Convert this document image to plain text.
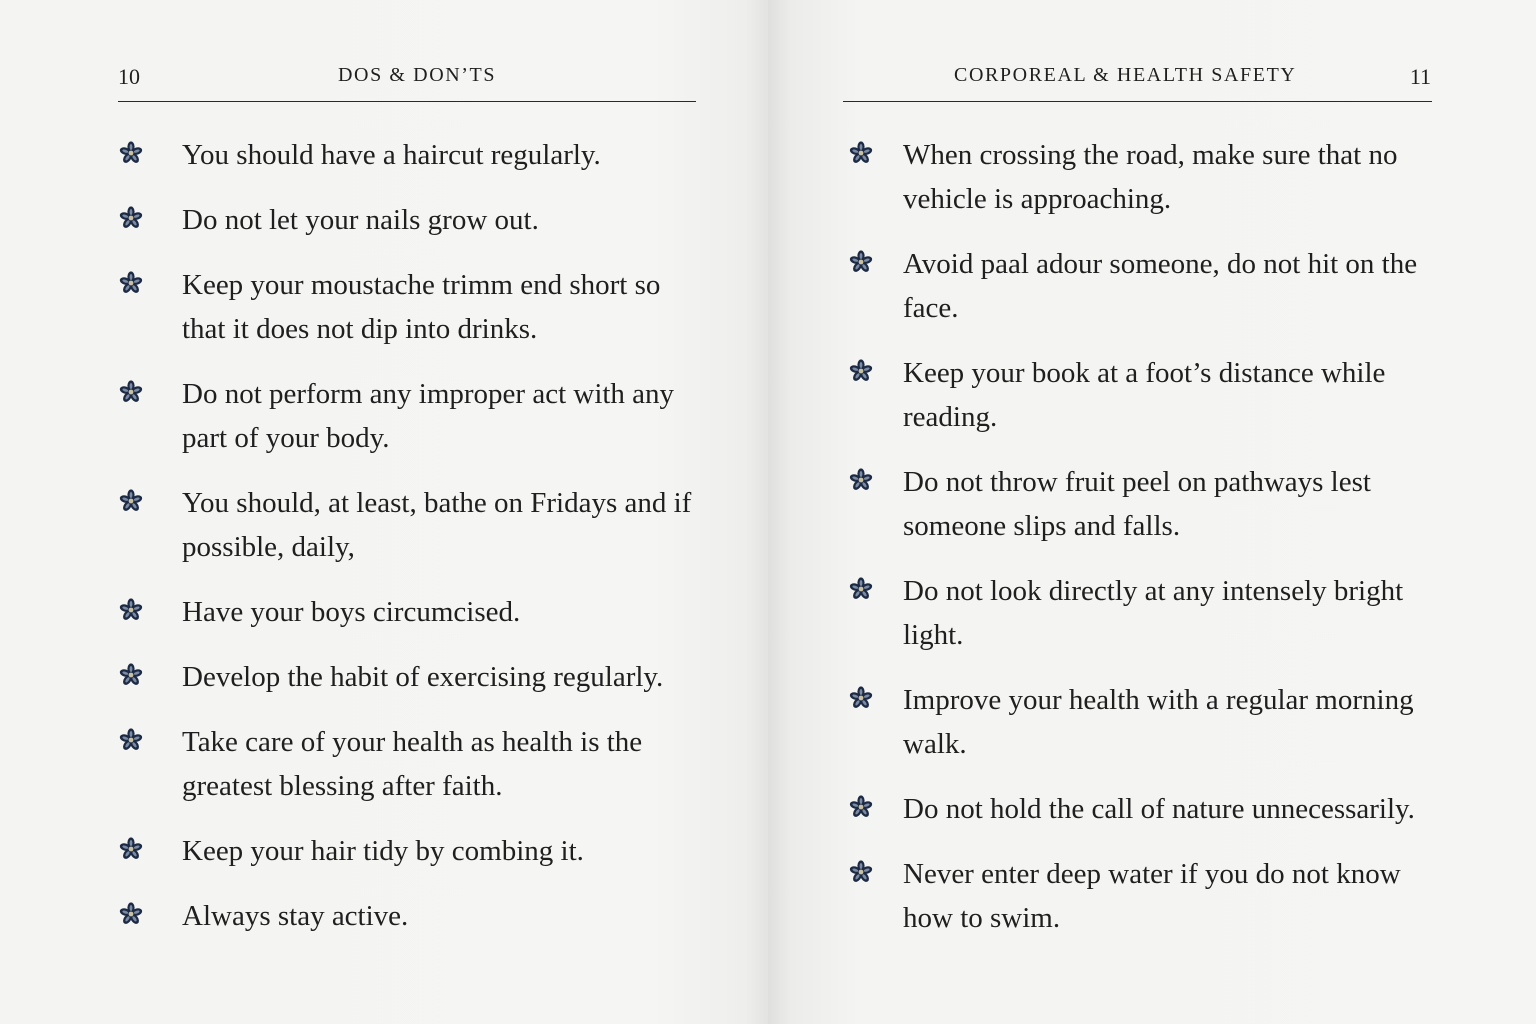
10	DOS & DON’TS
You should have a haircut regularly.
Do not let your nails grow out.
Keep your moustache trimm end short so that it does not dip into drinks.
Do not perform any improper act with any part of your body.
You should, at least, bathe on Fridays and if possible, daily,
Have your boys circumcised.
Develop the habit of exercising regularly.
Take care of your health as health is the greatest blessing after faith.
Keep your hair tidy by combing it.
Always stay active.
CORPOREAL & HEALTH SAFETY	11
When crossing the road, make sure that no vehicle is approaching.
Avoid paal adour someone, do not hit on the face.
Keep your book at a foot’s distance while reading.
Do not throw fruit peel on pathways lest someone slips and falls.
Do not look directly at any intensely bright light.
Improve your health with a regular morning walk.
Do not hold the call of nature unnecessarily.
Never enter deep water if you do not know how to swim.
